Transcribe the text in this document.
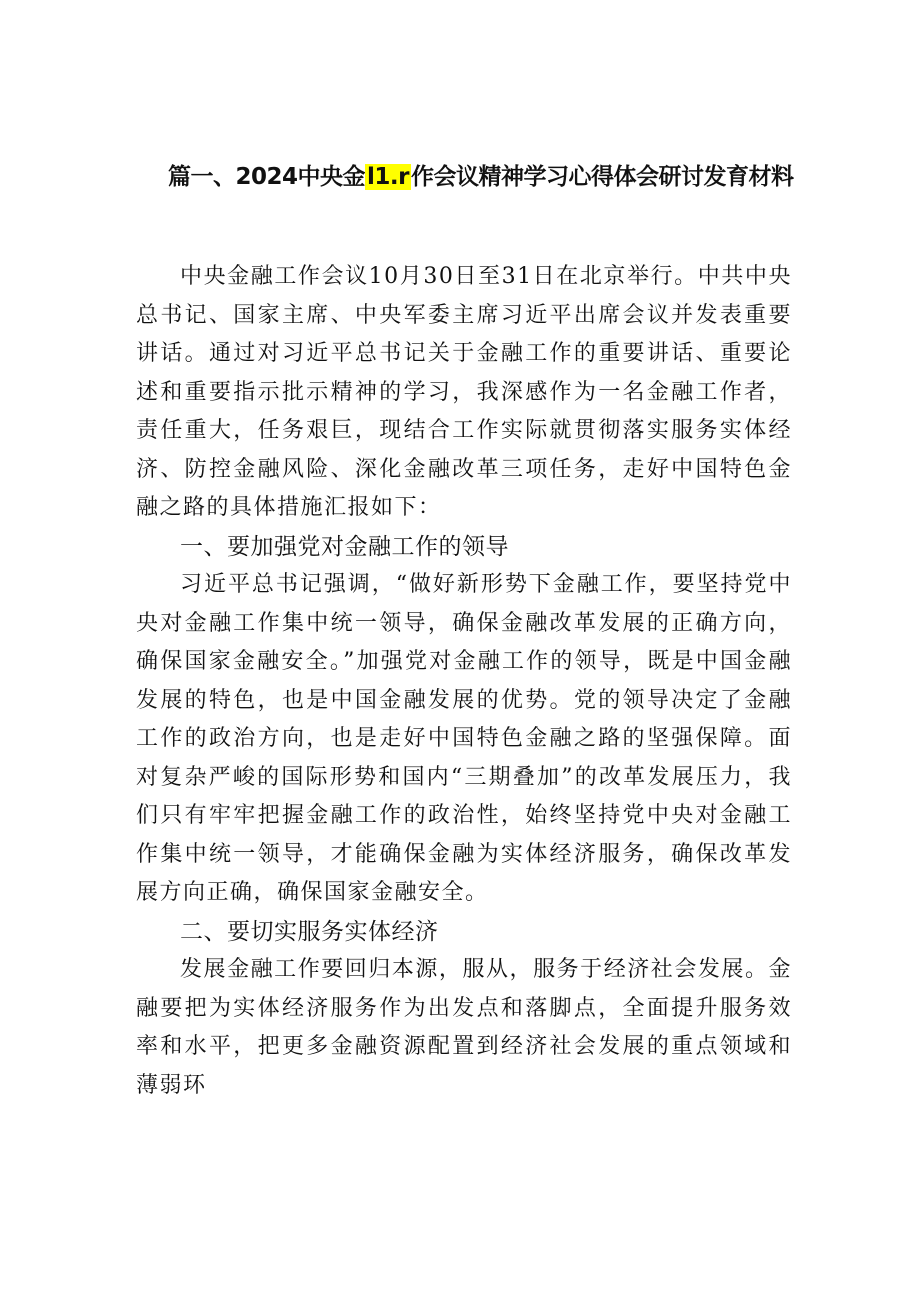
篇一、2024中央金l1.r作会议精神学习心得体会研讨发育材料

中央金融工作会议10月30日至31日在北京举行。中共中央总书记、国家主席、中央军委主席习近平出席会议并发表重要讲话。通过对习近平总书记关于金融工作的重要讲话、重要论述和重要指示批示精神的学习，我深感作为一名金融工作者，责任重大，任务艰巨，现结合工作实际就贯彻落实服务实体经济、防控金融风险、深化金融改革三项任务，走好中国特色金融之路的具体措施汇报如下：

一、要加强党对金融工作的领导

习近平总书记强调，“做好新形势下金融工作，要坚持党中央对金融工作集中统一领导，确保金融改革发展的正确方向，确保国家金融安全。”加强党对金融工作的领导，既是中国金融发展的特色，也是中国金融发展的优势。党的领导决定了金融工作的政治方向，也是走好中国特色金融之路的坚强保障。面对复杂严峻的国际形势和国内“三期叠加”的改革发展压力，我们只有牢牢把握金融工作的政治性，始终坚持党中央对金融工作集中统一领导，才能确保金融为实体经济服务，确保改革发展方向正确，确保国家金融安全。

二、要切实服务实体经济

发展金融工作要回归本源，服从，服务于经济社会发展。金融要把为实体经济服务作为出发点和落脚点，全面提升服务效率和水平，把更多金融资源配置到经济社会发展的重点领域和薄弱环
